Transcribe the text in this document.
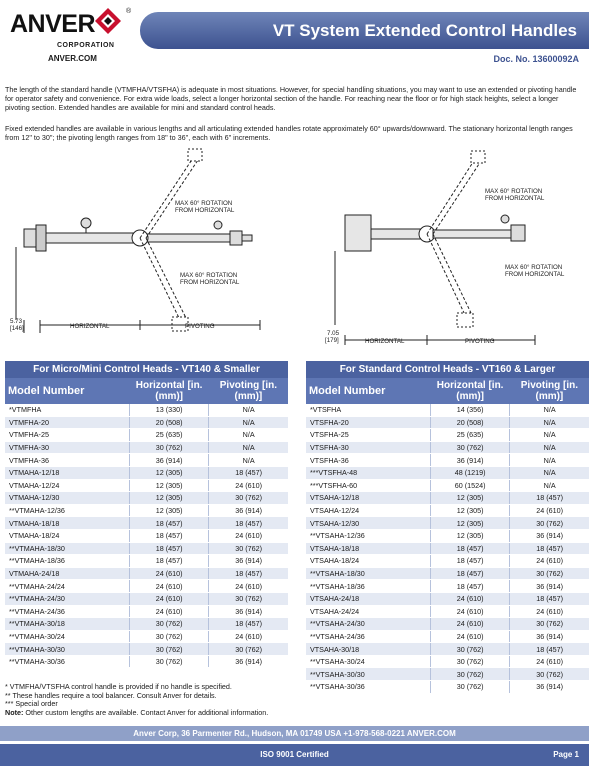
ANVER	®
CORPORATION
ANVER.COM
VT System Extended Control Handles
Doc. No. 13600092A
The length of the standard handle (VTMFHA/VTSFHA) is adequate in most situations. However, for special handling situations, you may want to use an extended or pivoting handle for operator safety and convenience. For extra wide loads, select a longer horizontal section of the handle. For reaching near the floor or for high stack heights, select a longer pivoting section. Extended handles are available for mini and standard control heads.
Fixed extended handles are available in various lengths and all articulating extended handles rotate approximately 60° upwards/downward. The stationary horizontal length ranges from 12" to 30"; the pivoting length ranges from 18" to 36", each with 6" increments.
MAX 60° ROTATION
FROM HORIZONTAL
MAX 60° ROTATION
FROM HORIZONTAL
5.73
[146]	HORIZONTAL	PIVOTING
MAX 60° ROTATION
FROM HORIZONTAL
MAX 60° ROTATION
FROM HORIZONTAL
7.05
[179]	HORIZONTAL	PIVOTING
For Micro/Mini Control Heads - VT140 & Smaller
Model Number	Horizontal [in. (mm)]	Pivoting [in. (mm)]
*VTMFHA	13 (330)	N/A
VTMFHA-20	20 (508)	N/A
VTMFHA-25	25 (635)	N/A
VTMFHA-30	30 (762)	N/A
VTMFHA-36	36 (914)	N/A
VTMAHA-12/18	12 (305)	18 (457)
VTMAHA-12/24	12 (305)	24 (610)
VTMAHA-12/30	12 (305)	30 (762)
**VTMAHA-12/36	12 (305)	36 (914)
VTMAHA-18/18	18 (457)	18 (457)
VTMAHA-18/24	18 (457)	24 (610)
**VTMAHA-18/30	18 (457)	30 (762)
**VTMAHA-18/36	18 (457)	36 (914)
VTMAHA-24/18	24 (610)	18 (457)
**VTMAHA-24/24	24 (610)	24 (610)
**VTMAHA-24/30	24 (610)	30 (762)
**VTMAHA-24/36	24 (610)	36 (914)
**VTMAHA-30/18	30 (762)	18 (457)
**VTMAHA-30/24	30 (762)	24 (610)
**VTMAHA-30/30	30 (762)	30 (762)
**VTMAHA-30/36	30 (762)	36 (914)
For Standard Control Heads - VT160 & Larger
Model Number	Horizontal [in. (mm)]	Pivoting [in. (mm)]
*VTSFHA	14 (356)	N/A
VTSFHA-20	20 (508)	N/A
VTSFHA-25	25 (635)	N/A
VTSFHA-30	30 (762)	N/A
VTSFHA-36	36 (914)	N/A
***VTSFHA-48	48 (1219)	N/A
***VTSFHA-60	60 (1524)	N/A
VTSAHA-12/18	12 (305)	18 (457)
VTSAHA-12/24	12 (305)	24 (610)
VTSAHA-12/30	12 (305)	30 (762)
**VTSAHA-12/36	12 (305)	36 (914)
VTSAHA-18/18	18 (457)	18 (457)
VTSAHA-18/24	18 (457)	24 (610)
**VTSAHA-18/30	18 (457)	30 (762)
**VTSAHA-18/36	18 (457)	36 (914)
VTSAHA-24/18	24 (610)	18 (457)
VTSAHA-24/24	24 (610)	24 (610)
**VTSAHA-24/30	24 (610)	30 (762)
**VTSAHA-24/36	24 (610)	36 (914)
VTSAHA-30/18	30 (762)	18 (457)
**VTSAHA-30/24	30 (762)	24 (610)
**VTSAHA-30/30	30 (762)	30 (762)
**VTSAHA-30/36	30 (762)	36 (914)
* VTMFHA/VTSFHA control handle is provided if no handle is specified.
** These handles require a tool balancer. Consult Anver for details.
*** Special order
Note: Other custom lengths are available. Contact Anver for additional information.
Anver Corp, 36 Parmenter Rd., Hudson, MA 01749 USA +1-978-568-0221 ANVER.COM
ISO 9001 Certified	Page 1
